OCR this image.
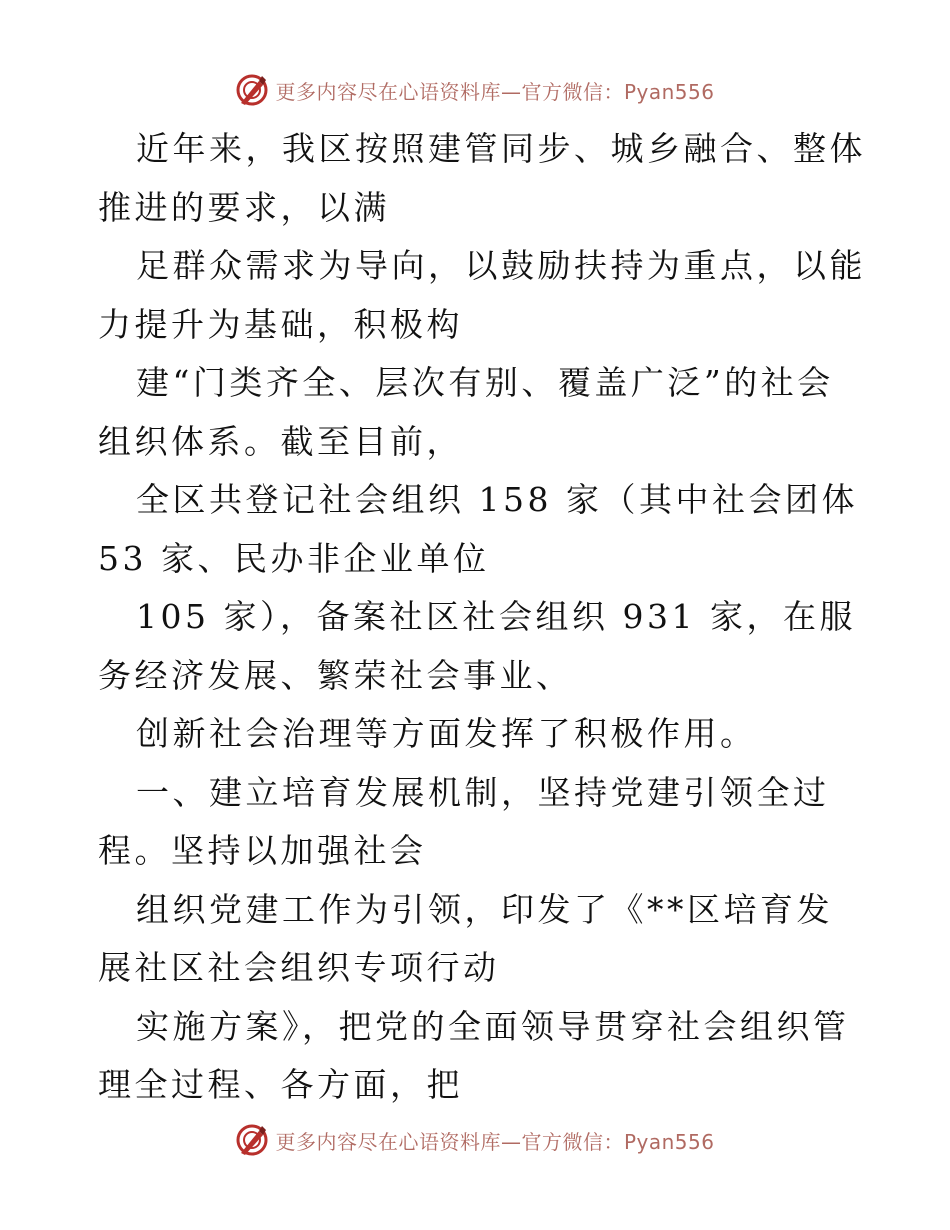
更多内容尽在心语资料库—官方微信：Pyan556

近年来，我区按照建管同步、城乡融合、整体推进的要求，以满

足群众需求为导向，以鼓励扶持为重点，以能力提升为基础，积极构

建“门类齐全、层次有别、覆盖广泛”的社会组织体系。截至目前，

全区共登记社会组织 158 家（其中社会团体 53 家、民办非企业单位

105 家），备案社区社会组织 931 家，在服务经济发展、繁荣社会事业、

创新社会治理等方面发挥了积极作用。

一、建立培育发展机制，坚持党建引领全过程。坚持以加强社会

组织党建工作为引领，印发了《**区培育发展社区社会组织专项行动

实施方案》，把党的全面领导贯穿社会组织管理全过程、各方面，把

更多内容尽在心语资料库—官方微信：Pyan556
